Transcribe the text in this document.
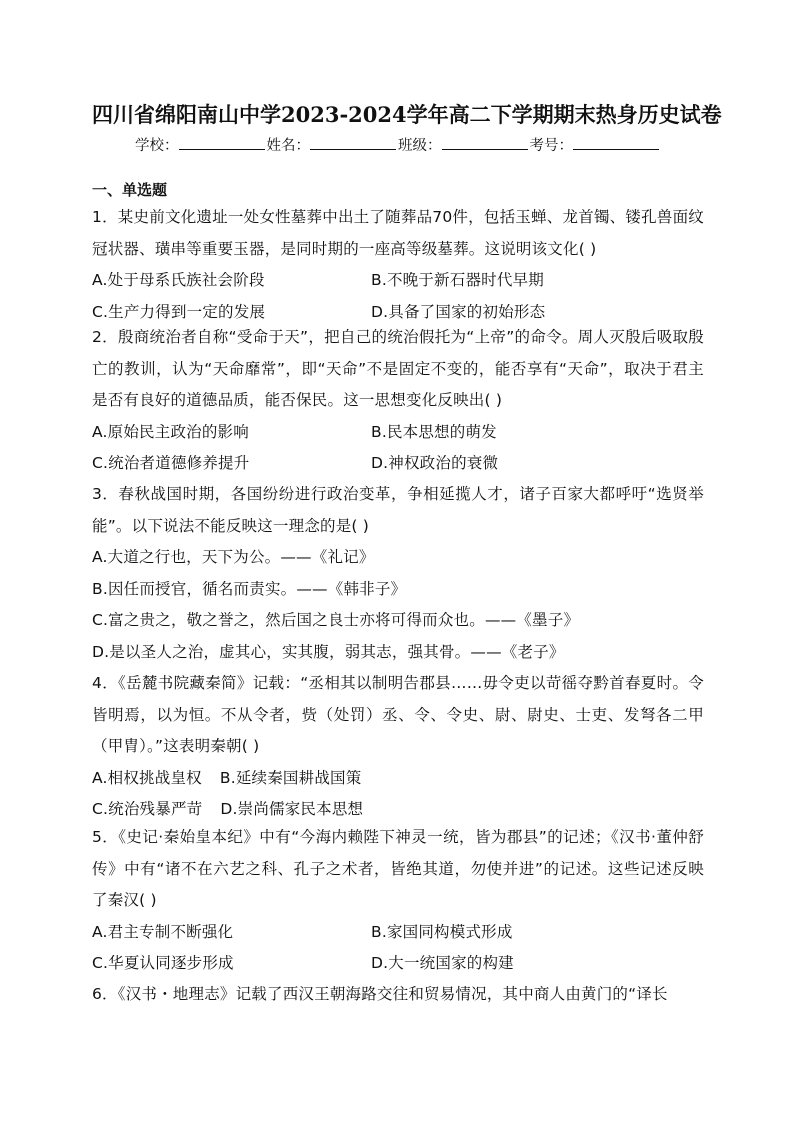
四川省绵阳南山中学2023-2024学年高二下学期期末热身历史试卷
学校：	姓名：	班级：	考号：
一、单选题

1．某史前文化遗址一处女性墓葬中出土了随葬品70件，包括玉蝉、龙首镯、镂孔兽面纹冠状器、璜串等重要玉器，是同时期的一座高等级墓葬。这说明该文化( )

A.处于母系氏族社会阶段	B.不晚于新石器时代早期
C.生产力得到一定的发展	D.具备了国家的初始形态

2．殷商统治者自称“受命于天”，把自己的统治假托为“上帝”的命令。周人灭殷后吸取殷亡的教训，认为“天命靡常”，即“天命”不是固定不变的，能否享有“天命”，取决于君主是否有良好的道德品质，能否保民。这一思想变化反映出( )

A.原始民主政治的影响	B.民本思想的萌发
C.统治者道德修养提升	D.神权政治的衰微

3．春秋战国时期，各国纷纷进行政治变革，争相延揽人才，诸子百家大都呼吁“选贤举能”。以下说法不能反映这一理念的是( )

A.大道之行也，天下为公。——《礼记》
B.因任而授官，循名而责实。——《韩非子》
C.富之贵之，敬之誉之，然后国之良士亦将可得而众也。——《墨子》
D.是以圣人之治，虚其心，实其腹，弱其志，强其骨。——《老子》

4．《岳麓书院藏秦简》记载：“丞相其以制明告郡县……毋令吏以苛徭夺黔首春夏时。令皆明焉，以为恒。不从令者，赀（处罚）丞、令、令史、尉、尉史、士吏、发弩各二甲（甲胄）。”这表明秦朝( )

A.相权挑战皇权 B.延续秦国耕战国策
C.统治残暴严苛 D.崇尚儒家民本思想

5．《史记·秦始皇本纪》中有“今海内赖陛下神灵一统，皆为郡县”的记述；《汉书·董仲舒传》中有“诸不在六艺之科、孔子之术者，皆绝其道，勿使并进”的记述。这些记述反映了秦汉( )

A.君主专制不断强化	B.家国同构模式形成
C.华夏认同逐步形成	D.大一统国家的构建

6．《汉书・地理志》记载了西汉王朝海路交往和贸易情况，其中商人由黄门的“译长
